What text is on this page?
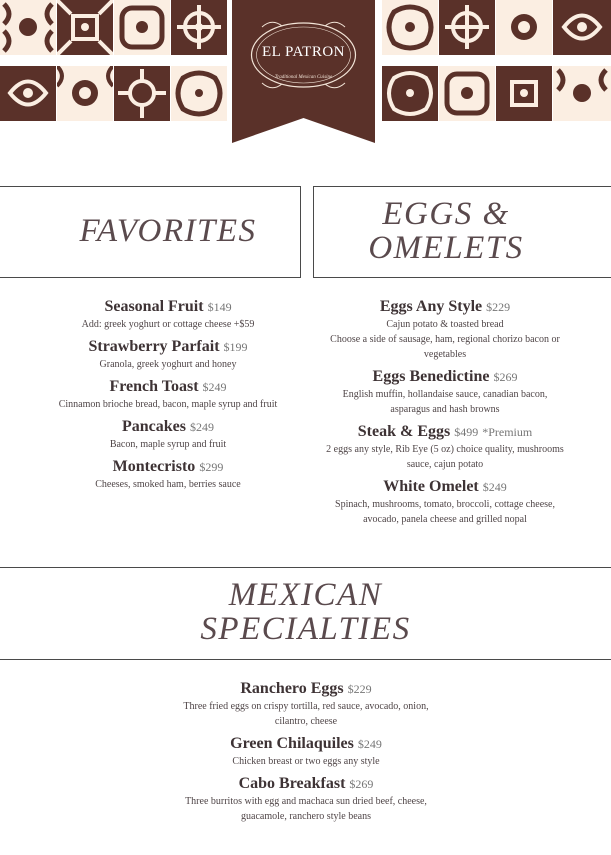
EL PATRON
Traditional Mexican Cuisine
FAVORITES	EGGS &
OMELETS
MEXICAN
SPECIALTIES
Seasonal Fruit $149
Add: greek yoghurt or cottage cheese +$59
Strawberry Parfait $199
Granola, greek yoghurt and honey
French Toast $249
Cinnamon brioche bread, bacon, maple syrup and fruit
Pancakes $249
Bacon, maple syrup and fruit
Montecristo $299
Cheeses, smoked ham, berries sauce
Eggs Any Style $229
Cajun potato & toasted bread
Choose a side of sausage, ham, regional chorizo bacon or
vegetables
Eggs Benedictine $269
English muffin, hollandaise sauce, canadian bacon,
asparagus and hash browns
Steak & Eggs $499 *Premium
2 eggs any style, Rib Eye (5 oz) choice quality, mushrooms
sauce, cajun potato
White Omelet $249
Spinach, mushrooms, tomato, broccoli, cottage cheese,
avocado, panela cheese and grilled nopal
Ranchero Eggs $229
Three fried eggs on crispy tortilla, red sauce, avocado, onion,
cilantro, cheese
Green Chilaquiles $249
Chicken breast or two eggs any style
Cabo Breakfast $269
Three burritos with egg and machaca sun dried beef, cheese,
guacamole, ranchero style beans
